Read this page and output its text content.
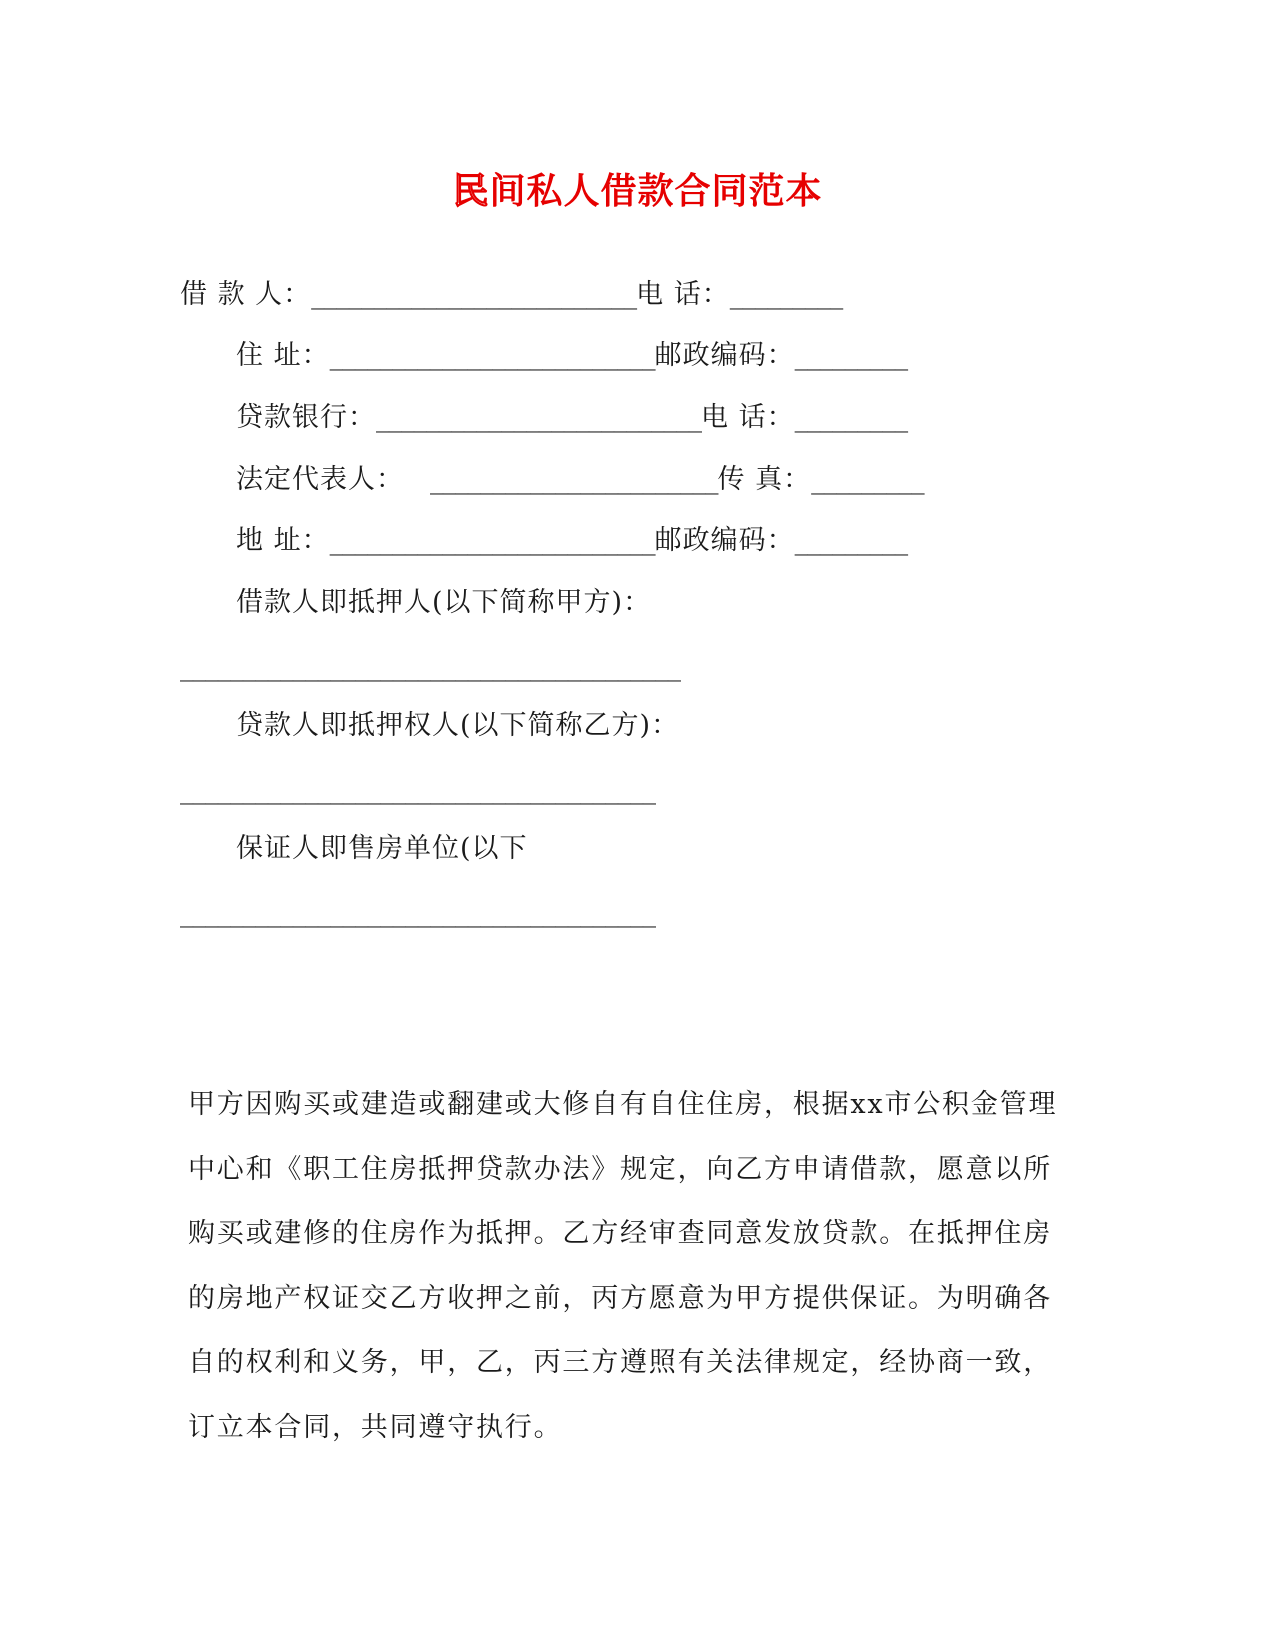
民间私人借款合同范本
借 款 人：__________________________电 话：_________
住 址：__________________________邮政编码：_________
贷款银行：__________________________电 话：_________
法定代表人： _______________________传 真：_________
地 址：__________________________邮政编码：_________
借款人即抵押人(以下简称甲方)：
________________________________________
贷款人即抵押权人(以下简称乙方)：
______________________________________
保证人即售房单位(以下
______________________________________
甲方因购买或建造或翻建或大修自有自住住房，根据xx市公积金管理
中心和《职工住房抵押贷款办法》规定，向乙方申请借款，愿意以所
购买或建修的住房作为抵押。乙方经审查同意发放贷款。在抵押住房
的房地产权证交乙方收押之前，丙方愿意为甲方提供保证。为明确各
自的权利和义务，甲，乙，丙三方遵照有关法律规定，经协商一致，
订立本合同，共同遵守执行。
